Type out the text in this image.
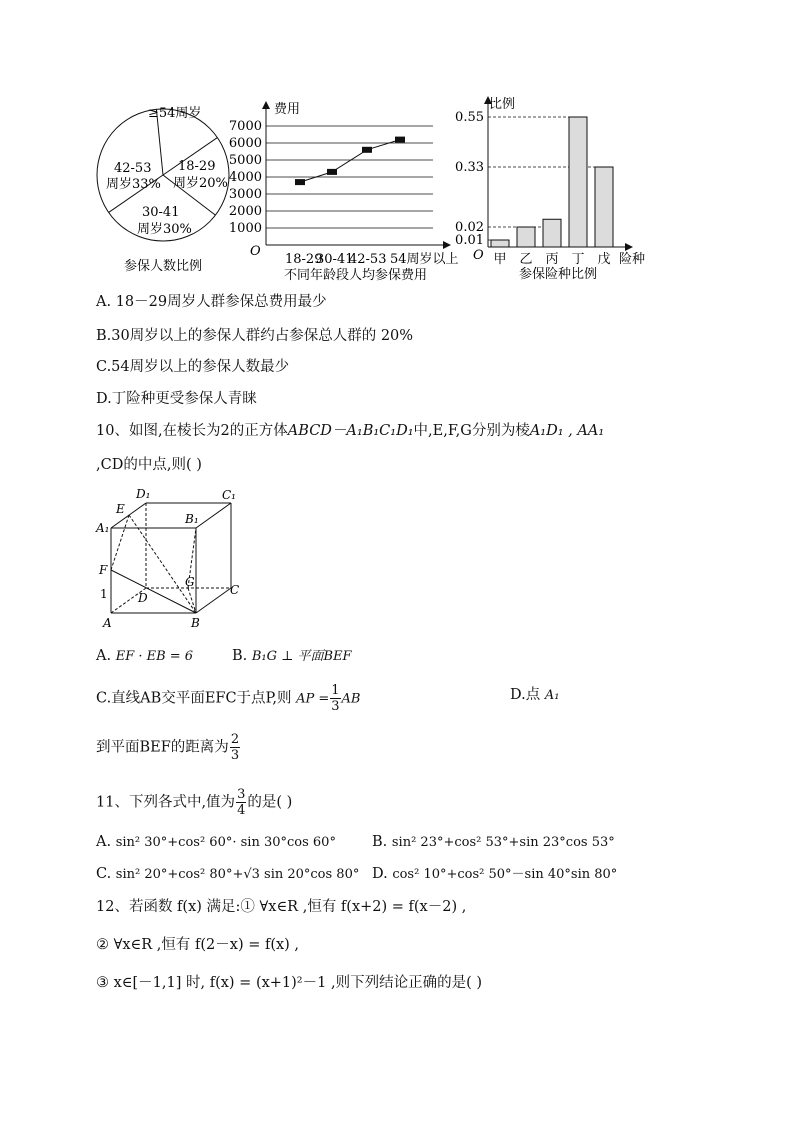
≥54周岁
18-29
周岁20%
42-53
周岁33%
30-41
周岁30%
参保人数比例
费用
O
1000
2000
3000
4000
5000
6000
7000
18-29
30-41
42-53 54周岁以上
不同年龄段人均参保费用
比例
O
0.01
0.02
0.33
0.55
甲 乙 丙 丁 戊 险种
参保险种比例
A. 18－29周岁人群参保总费用最少
B.30周岁以上的参保人群约占参保总人群的 20%
C.54周岁以上的参保人数最少
D.丁险种更受参保人青睐
10、如图,在棱长为2的正方体ABCD－A₁B₁C₁D₁中,E,F,G分别为棱A₁D₁ , AA₁
,CD的中点,则( )
D₁	C₁
A₁
E
B₁
F
G
D
C
A	B
1
A. EF · EB = 6	B. B₁G ⊥ 平面BEF
C.直线AB交平面EFC于点P,则 AP = $\frac{1}{3}$ AB	D.点 A₁
到平面BEF的距离为 $\frac{2}{3}$
11、下列各式中,值为 $\frac{3}{4}$ 的是( )
A. sin² 30°+cos² 60°· sin 30°cos 60° B. sin² 23°+cos² 53°+sin 23°cos 53°
C. sin² 20°+cos² 80°+√3 sin 20°cos 80° D. cos² 10°+cos² 50°－sin 40°sin 80°
12、若函数 f(x) 满足:① ∀x∈R ,恒有 f(x+2) = f(x－2) ,
② ∀x∈R ,恒有 f(2－x) = f(x) ,
③ x∈[－1,1] 时, f(x) = (x+1)²－1 ,则下列结论正确的是( )
